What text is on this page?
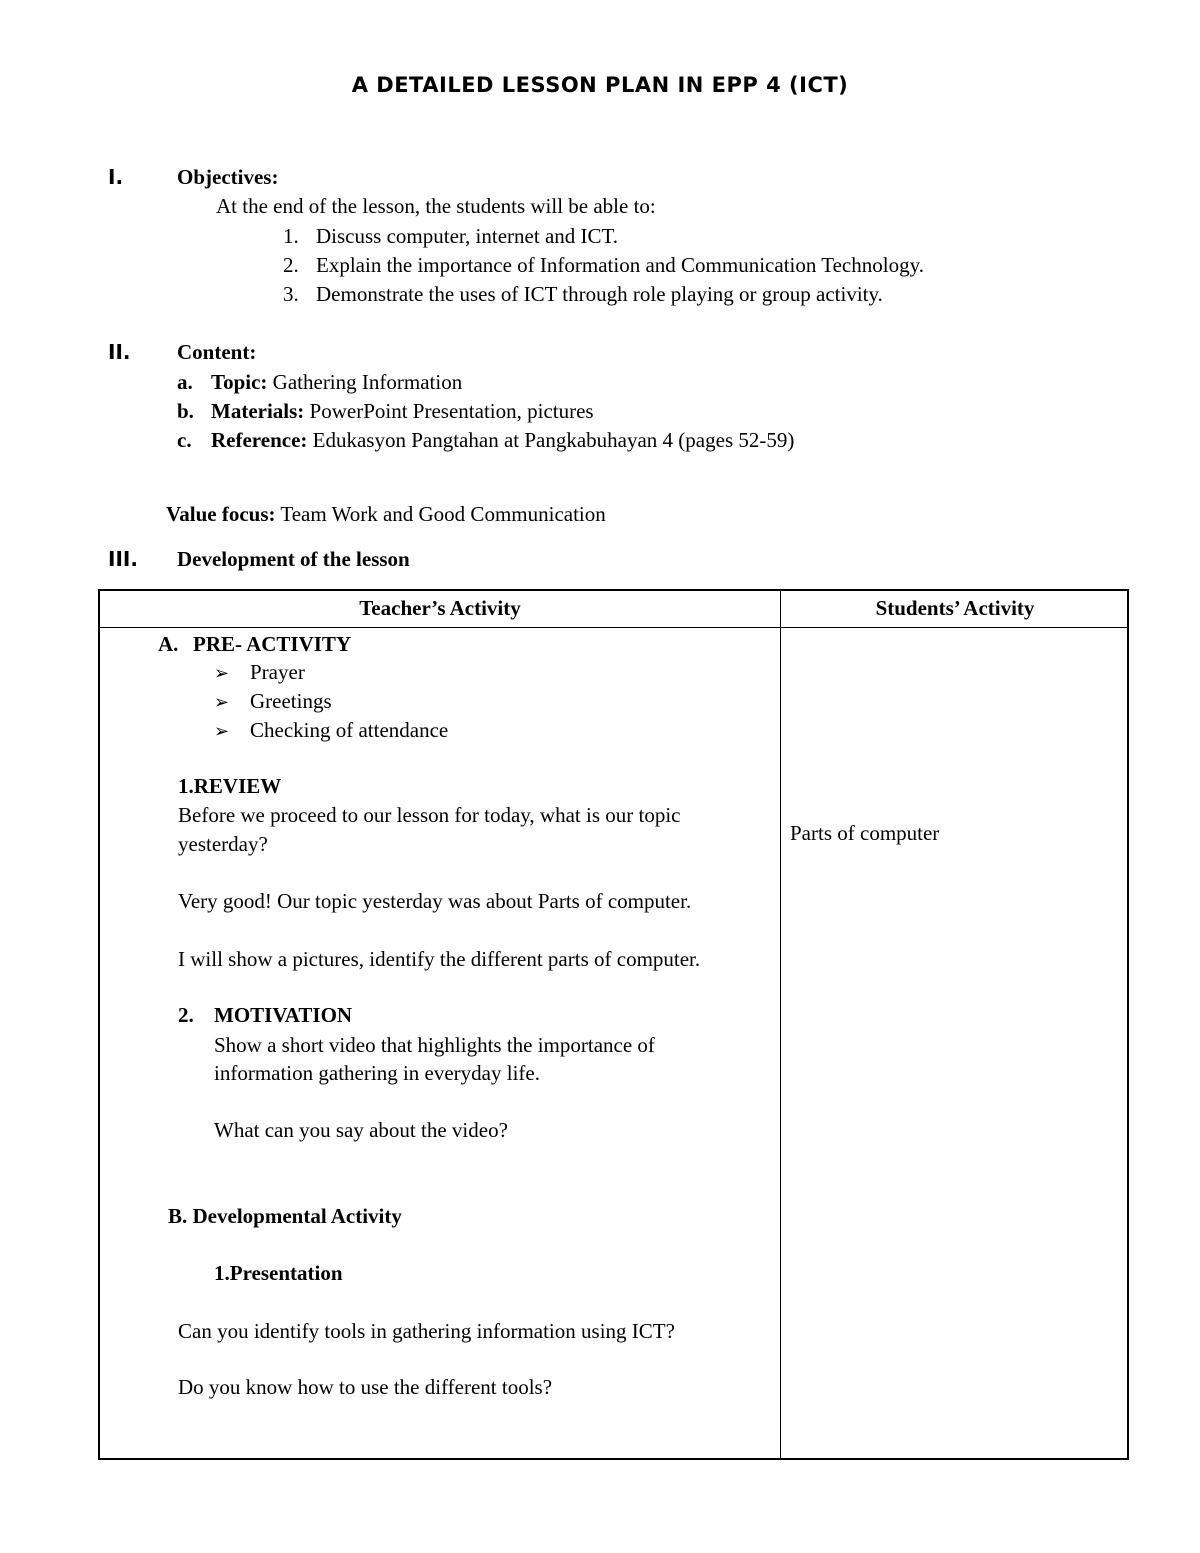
A DETAILED LESSON PLAN IN EPP 4 (ICT)
I.	Objectives:
At the end of the lesson, the students will be able to:
1. Discuss computer, internet and ICT.
2. Explain the importance of Information and Communication Technology.
3. Demonstrate the uses of ICT through role playing or group activity.
II. Content:
a. Topic: Gathering Information
b. Materials: PowerPoint Presentation, pictures
c. Reference: Edukasyon Pangtahan at Pangkabuhayan 4 (pages 52-59)
Value focus: Team Work and Good Communication
III. Development of the lesson
Teacher’s Activity	Students’ Activity
A. PRE- ACTIVITY
➢ Prayer
➢ Greetings
➢ Checking of attendance
1.REVIEW
Before we proceed to our lesson for today, what is our topic
yesterday?
Very good! Our topic yesterday was about Parts of computer.
I will show a pictures, identify the different parts of computer.
2. MOTIVATION
Show a short video that highlights the importance of
information gathering in everyday life.
What can you say about the video?
B. Developmental Activity
1.Presentation
Can you identify tools in gathering information using ICT?
Do you know how to use the different tools?
Parts of computer
